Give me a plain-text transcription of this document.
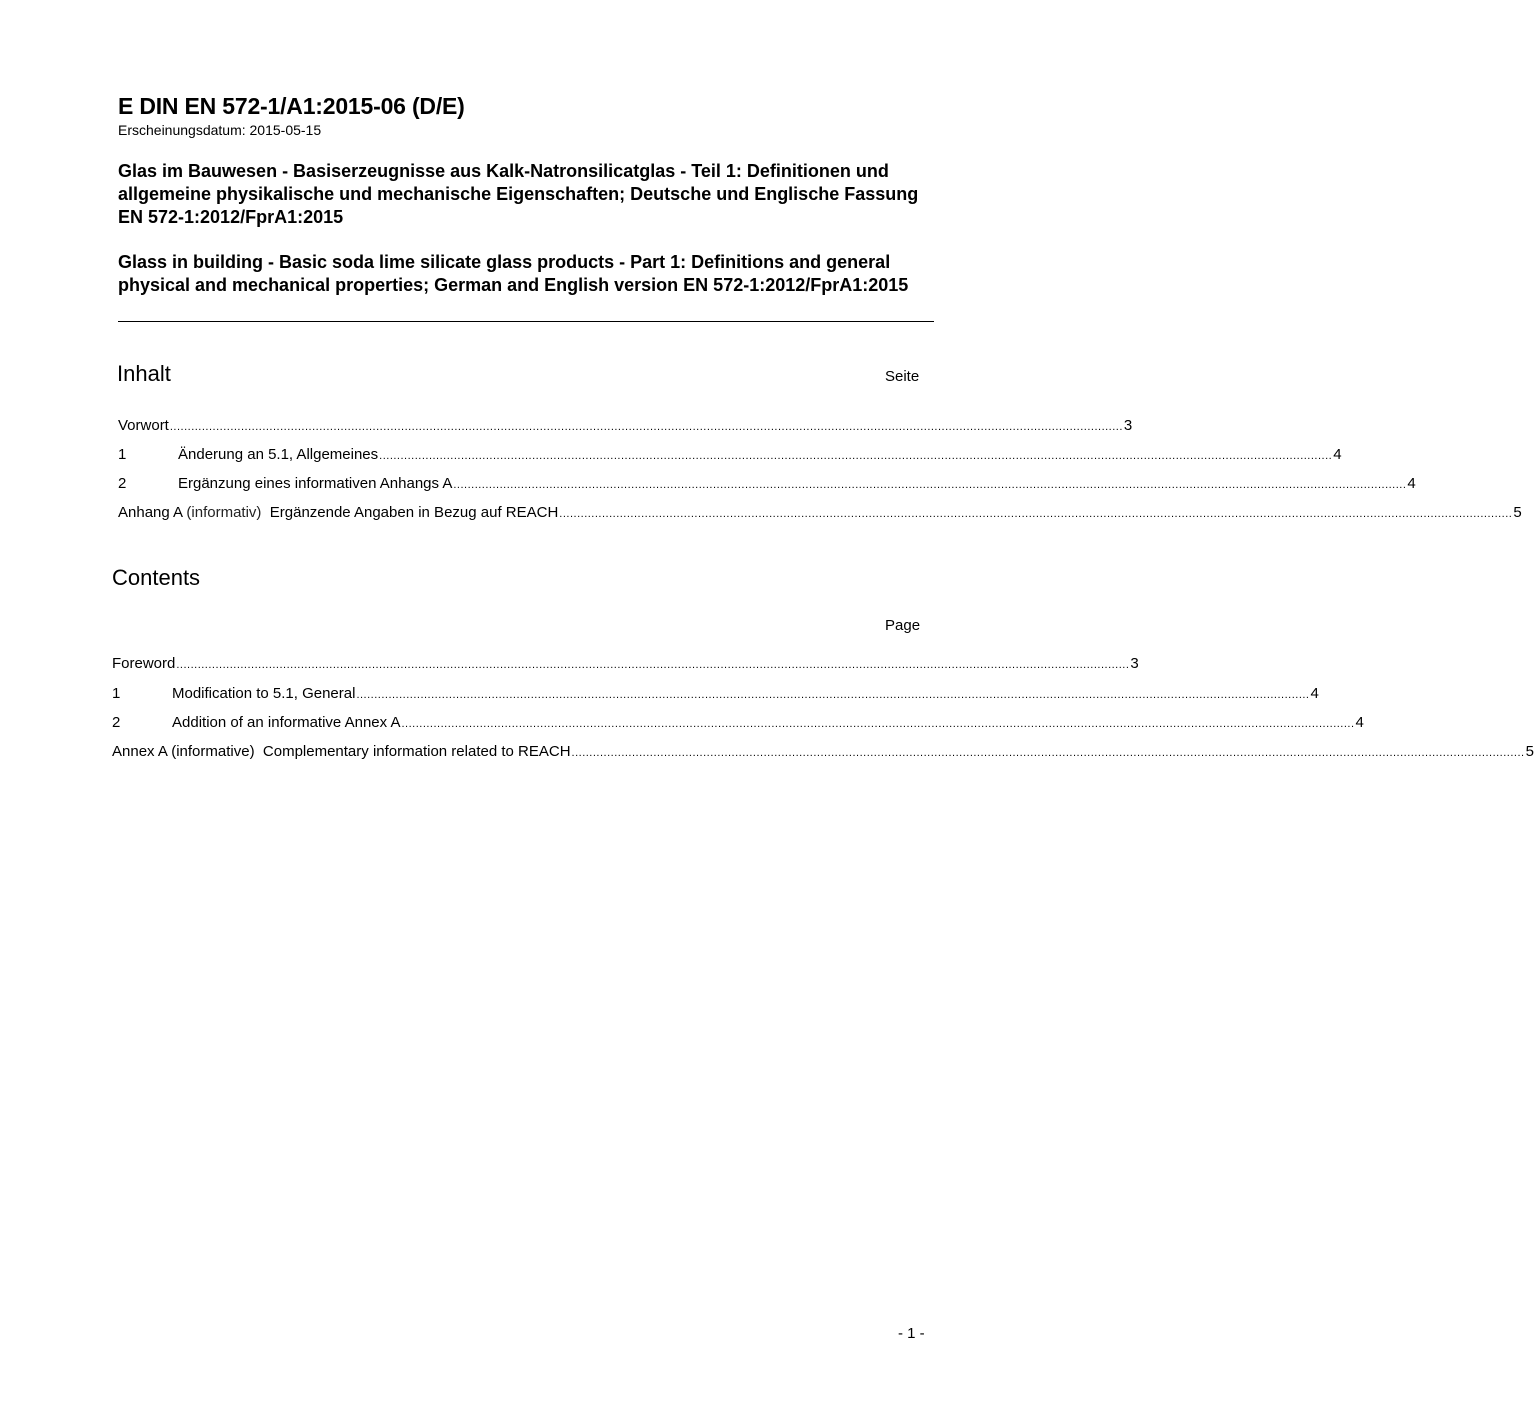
E DIN EN 572-1/A1:2015-06 (D/E)
Erscheinungsdatum: 2015-05-15
Glas im Bauwesen - Basiserzeugnisse aus Kalk-Natronsilicatglas - Teil 1: Definitionen und allgemeine physikalische und mechanische Eigenschaften; Deutsche und Englische Fassung EN 572-1:2012/FprA1:2015
Glass in building - Basic soda lime silicate glass products - Part 1: Definitions and general physical and mechanical properties; German and English version EN 572-1:2012/FprA1:2015
Inhalt	Seite
Vorwort ............................................................................................................................................................................................................................................................................ 3
1	Änderung an 5.1, Allgemeines ............................................................................................................................................................................................................................................................................ 4
2	Ergänzung eines informativen Anhangs A ............................................................................................................................................................................................................................................................................ 4
Anhang A (informativ)  Ergänzende Angaben in Bezug auf REACH ............................................................................................................................................................................................................................................................................ 5
Contents
Page
Foreword ............................................................................................................................................................................................................................................................................ 3
1	Modification to 5.1, General ............................................................................................................................................................................................................................................................................ 4
2	Addition of an informative Annex A ............................................................................................................................................................................................................................................................................ 4
Annex A (informative)  Complementary information related to REACH ............................................................................................................................................................................................................................................................................ 5
- 1 -
